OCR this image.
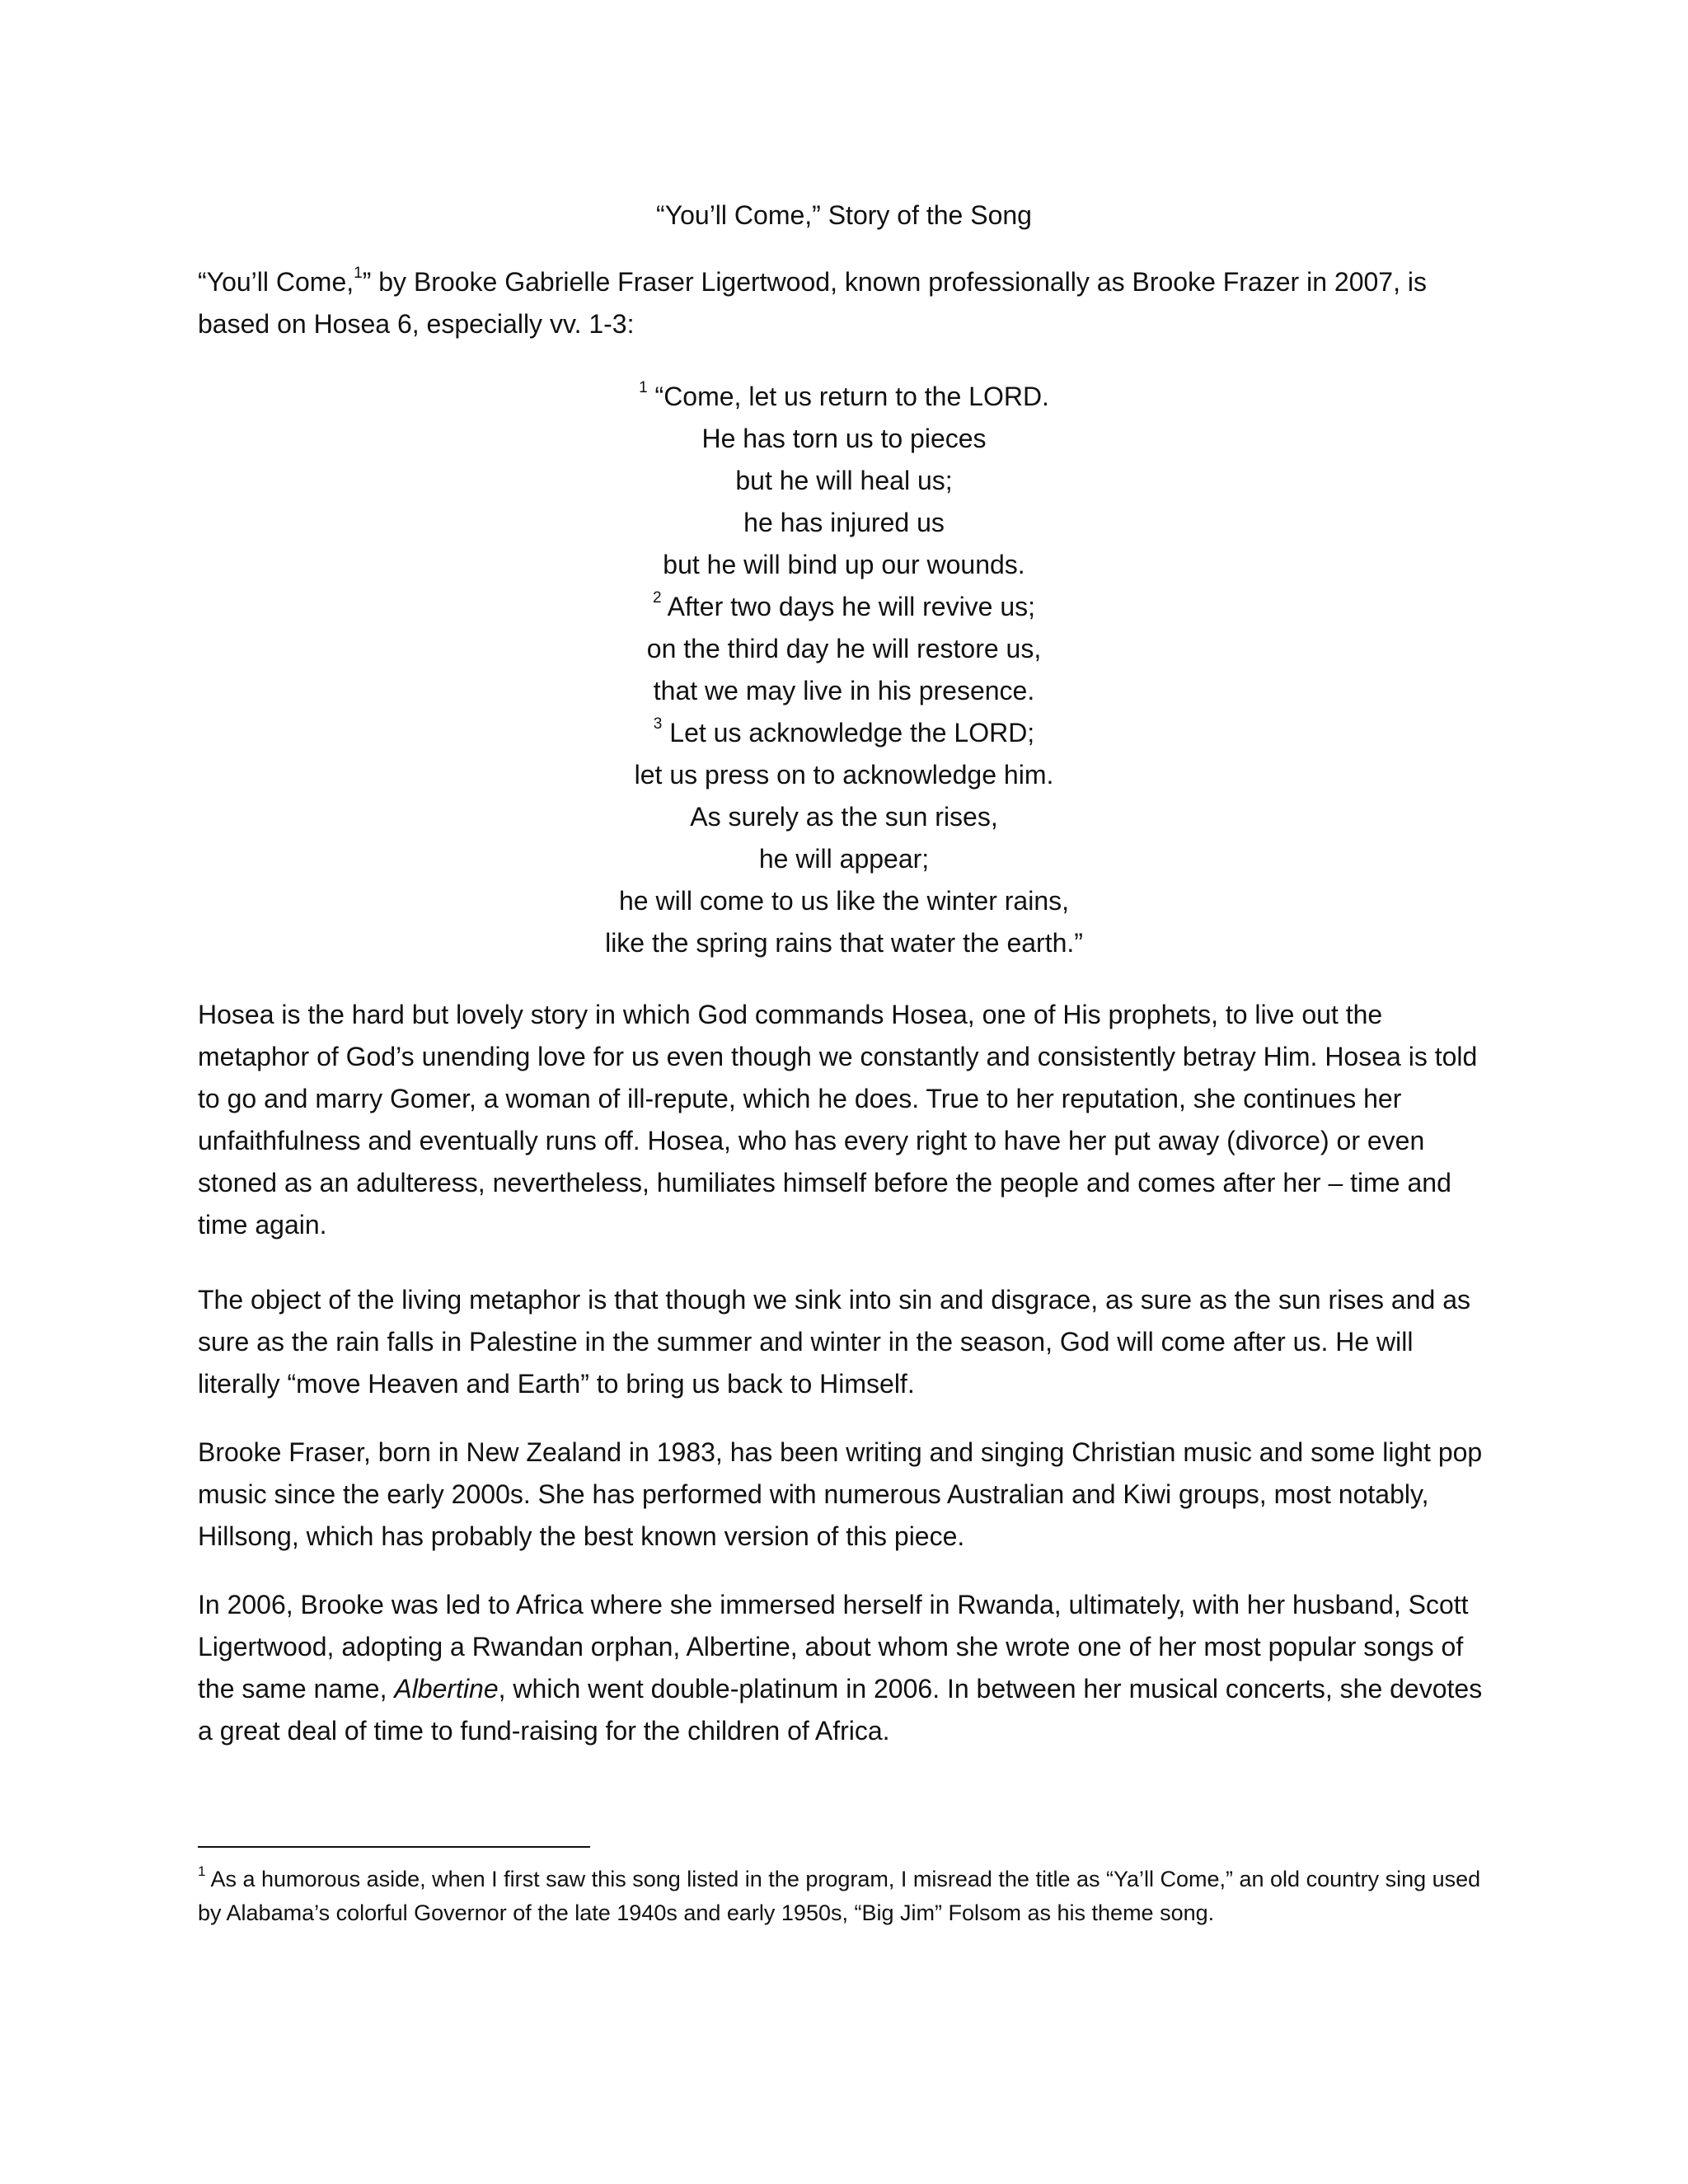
“You’ll Come,” Story of the Song
“You’ll Come,$^1$” by Brooke Gabrielle Fraser Ligertwood, known professionally as Brooke Frazer in 2007, is based on Hosea 6, especially vv. 1-3:
$^1$ “Come, let us return to the LORD.
He has torn us to pieces
but he will heal us;
he has injured us
but he will bind up our wounds.
$^2$ After two days he will revive us;
on the third day he will restore us,
that we may live in his presence.
$^3$ Let us acknowledge the LORD;
let us press on to acknowledge him.
As surely as the sun rises,
he will appear;
he will come to us like the winter rains,
like the spring rains that water the earth.”
Hosea is the hard but lovely story in which God commands Hosea, one of His prophets, to live out the metaphor of God’s unending love for us even though we constantly and consistently betray Him. Hosea is told to go and marry Gomer, a woman of ill-repute, which he does. True to her reputation, she continues her unfaithfulness and eventually runs off. Hosea, who has every right to have her put away (divorce) or even stoned as an adulteress, nevertheless, humiliates himself before the people and comes after her – time and time again.
The object of the living metaphor is that though we sink into sin and disgrace, as sure as the sun rises and as sure as the rain falls in Palestine in the summer and winter in the season, God will come after us. He will literally “move Heaven and Earth” to bring us back to Himself.
Brooke Fraser, born in New Zealand in 1983, has been writing and singing Christian music and some light pop music since the early 2000s. She has performed with numerous Australian and Kiwi groups, most notably, Hillsong, which has probably the best known version of this piece.
In 2006, Brooke was led to Africa where she immersed herself in Rwanda, ultimately, with her husband, Scott Ligertwood, adopting a Rwandan orphan, Albertine, about whom she wrote one of her most popular songs of the same name, Albertine, which went double-platinum in 2006. In between her musical concerts, she devotes a great deal of time to fund-raising for the children of Africa.
$^1$ As a humorous aside, when I first saw this song listed in the program, I misread the title as “Ya’ll Come,” an old country sing used by Alabama’s colorful Governor of the late 1940s and early 1950s, “Big Jim” Folsom as his theme song.
